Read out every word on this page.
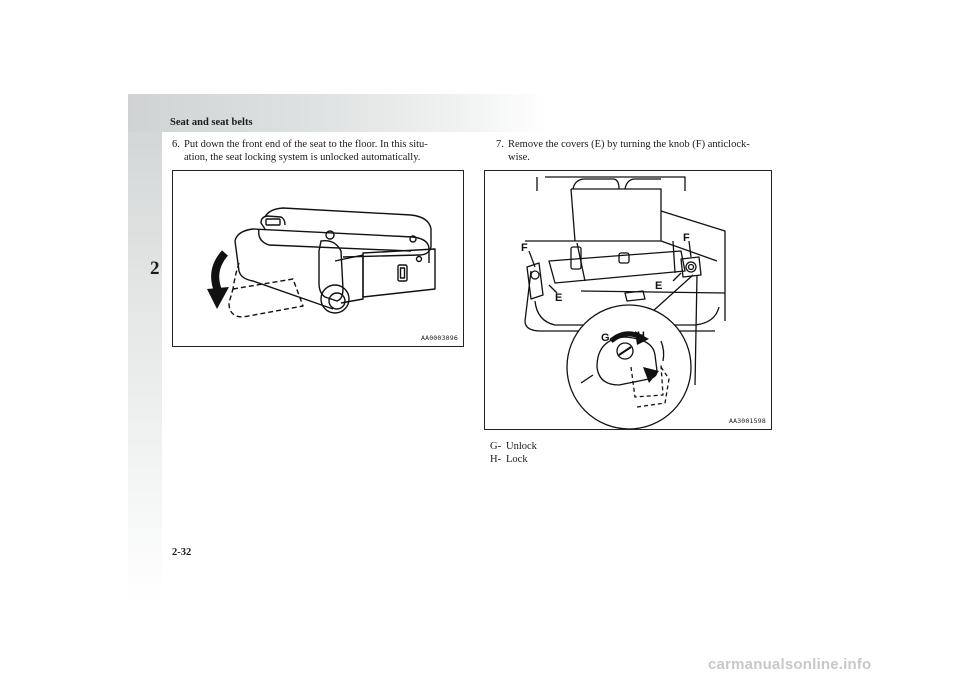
Seat and seat belts
2
6. Put down the front end of the seat to the floor. In this situ-
ation, the seat locking system is unlocked automatically.
7. Remove the covers (E) by turning the knob (F) anticlock-
wise.
AA0003096
F
F
E
E
G H
AA3001598
G- Unlock
H- Lock
2-32
carmanualsonline.info
